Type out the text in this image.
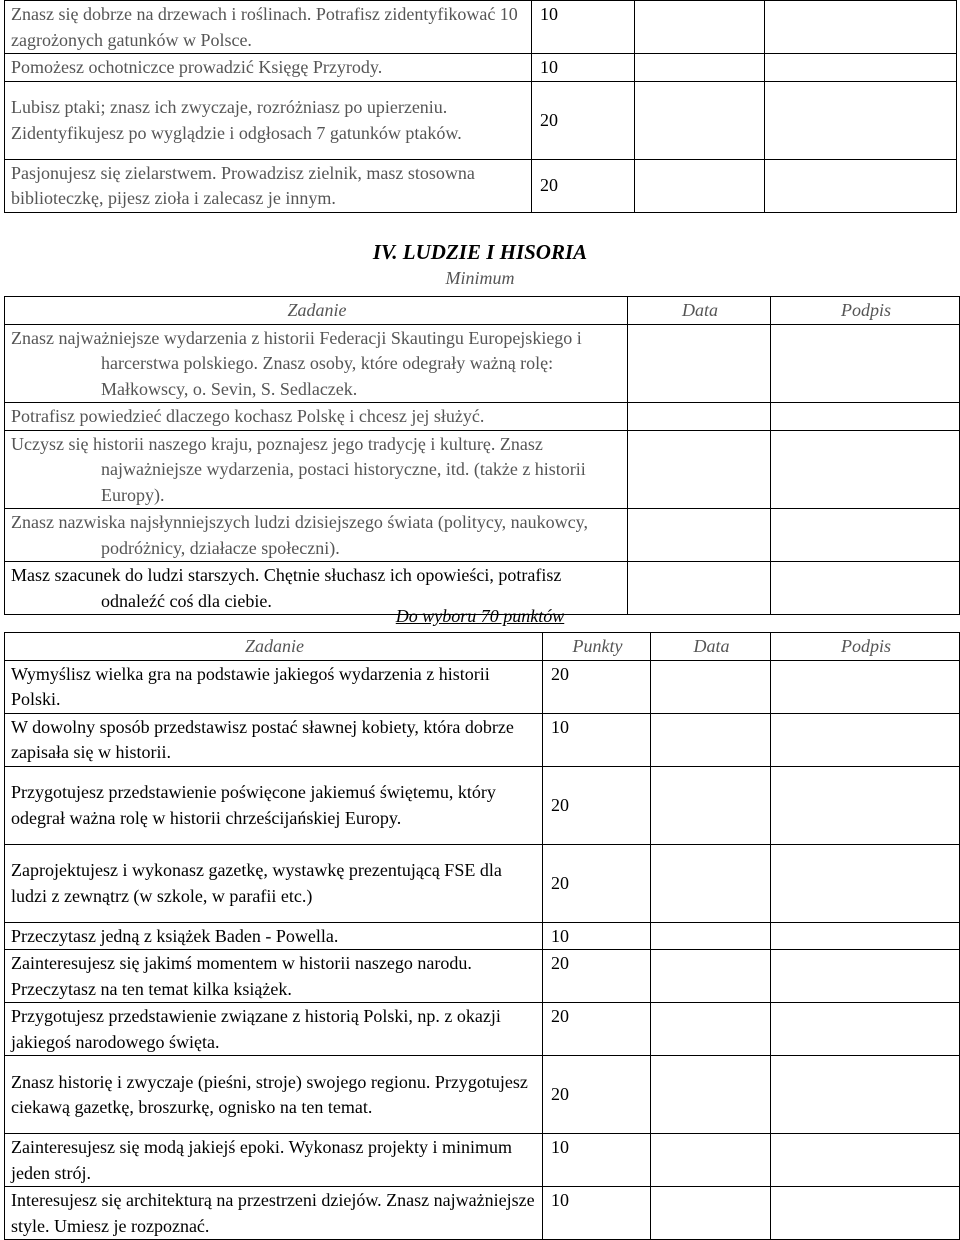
Znasz się dobrze na drzewach i roślinach. Potrafisz zidentyfikować 10 zagrożonych gatunków w Polsce.	10		
Pomożesz ochotniczce prowadzić Księgę Przyrody.	10		
Lubisz ptaki; znasz ich zwyczaje, rozróżniasz po upierzeniu. Zidentyfikujesz po wyglądzie i odgłosach 7 gatunków ptaków.	20		
Pasjonujesz się zielarstwem. Prowadzisz zielnik, masz stosowna biblioteczkę, pijesz zioła i zalecasz je innym.	20		
IV. LUDZIE I HISORIA
Minimum
Zadanie	Data	Podpis
Znasz najważniejsze wydarzenia z historii Federacji Skautingu Europejskiego i harcerstwa polskiego. Znasz osoby, które odegrały ważną rolę: Małkowscy, o. Sevin, S. Sedlaczek.		
Potrafisz powiedzieć dlaczego kochasz Polskę i chcesz jej służyć.		
Uczysz się historii naszego kraju, poznajesz jego tradycję i kulturę. Znasz najważniejsze wydarzenia, postaci historyczne, itd. (także z historii Europy).		
Znasz nazwiska najsłynniejszych ludzi dzisiejszego świata (politycy, naukowcy, podróżnicy, działacze społeczni).		
Masz szacunek do ludzi starszych. Chętnie słuchasz ich opowieści, potrafisz odnaleźć coś dla ciebie.		
Do wyboru 70 punktów
Zadanie	Punkty	Data	Podpis
Wymyślisz wielka gra na podstawie jakiegoś wydarzenia z historii Polski.	20		
W dowolny sposób przedstawisz postać sławnej kobiety, która dobrze zapisała się w historii.	10		
Przygotujesz przedstawienie poświęcone jakiemuś świętemu, który odegrał ważna rolę w historii chrześcijańskiej Europy.	20		
Zaprojektujesz i wykonasz gazetkę, wystawkę prezentującą FSE dla ludzi z zewnątrz (w szkole, w parafii etc.)	20		
Przeczytasz jedną z książek Baden - Powella.	10		
Zainteresujesz się jakimś momentem w historii naszego narodu. Przeczytasz na ten temat kilka książek.	20		
Przygotujesz przedstawienie związane z historią Polski, np. z okazji jakiegoś narodowego święta.	20		
Znasz historię i zwyczaje (pieśni, stroje) swojego regionu. Przygotujesz ciekawą gazetkę, broszurkę, ognisko na ten temat.	20		
Zainteresujesz się modą jakiejś epoki. Wykonasz projekty i minimum jeden strój.	10		
Interesujesz się architekturą na przestrzeni dziejów. Znasz najważniejsze style. Umiesz je rozpoznać.	10		
